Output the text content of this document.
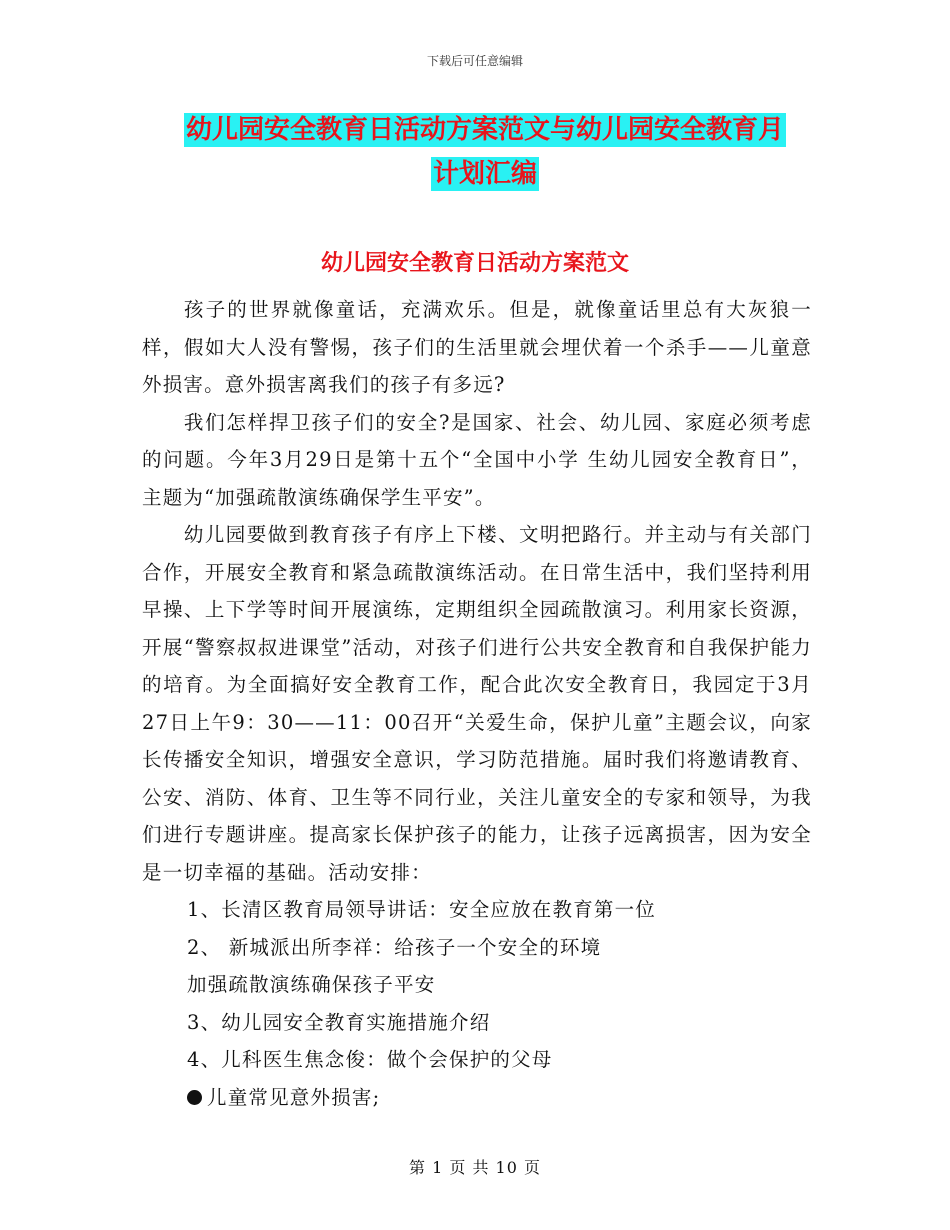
下载后可任意编辑
幼儿园安全教育日活动方案范文与幼儿园安全教育月
计划汇编
幼儿园安全教育日活动方案范文

孩子的世界就像童话，充满欢乐。但是，就像童话里总有大灰狼一样，假如大人没有警惕，孩子们的生活里就会埋伏着一个杀手——儿童意外损害。意外损害离我们的孩子有多远?

我们怎样捍卫孩子们的安全?是国家、社会、幼儿园、家庭必须考虑的问题。今年3月29日是第十五个“全国中小学 生幼儿园安全教育日”，主题为“加强疏散演练确保学生平安”。

幼儿园要做到教育孩子有序上下楼、文明把路行。并主动与有关部门合作，开展安全教育和紧急疏散演练活动。在日常生活中，我们坚持利用早操、上下学等时间开展演练，定期组织全园疏散演习。利用家长资源，开展“警察叔叔进课堂”活动，对孩子们进行公共安全教育和自我保护能力的培育。为全面搞好安全教育工作，配合此次安全教育日，我园定于3月27日上午9：30——11：00召开“关爱生命，保护儿童”主题会议，向家长传播安全知识，增强安全意识，学习防范措施。届时我们将邀请教育、公安、消防、体育、卫生等不同行业，关注儿童安全的专家和领导，为我们进行专题讲座。提高家长保护孩子的能力，让孩子远离损害，因为安全是一切幸福的基础。活动安排：

1、长清区教育局领导讲话：安全应放在教育第一位

2、 新城派出所李祥：给孩子一个安全的环境

加强疏散演练确保孩子平安

3、幼儿园安全教育实施措施介绍

4、儿科医生焦念俊：做个会保护的父母

儿童常见意外损害;

第 1 页 共 10 页
